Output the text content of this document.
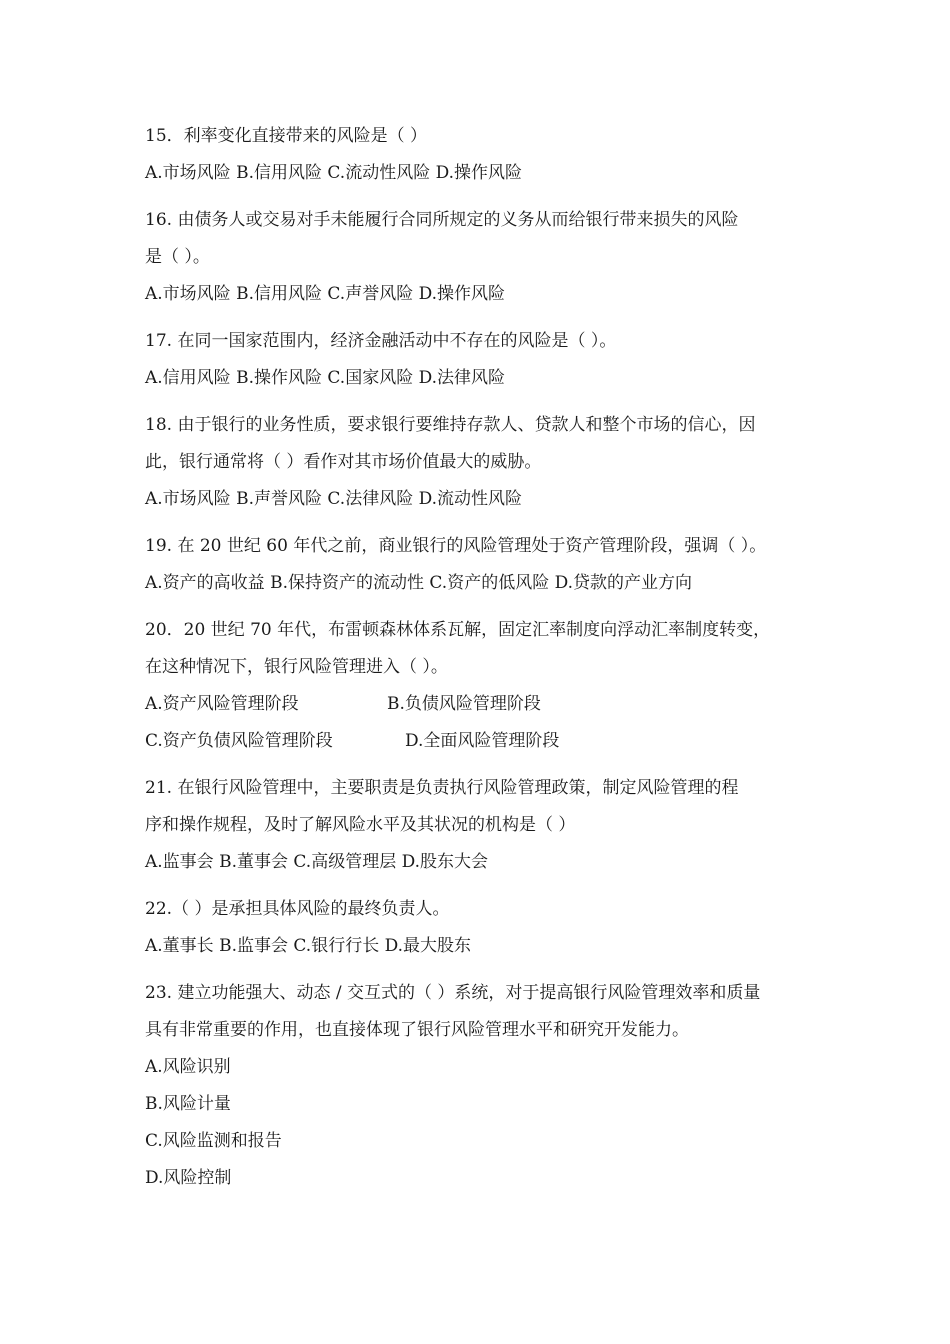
15．利率变化直接带来的风险是（ ）
A.市场风险 B.信用风险 C.流动性风险 D.操作风险
16. 由债务人或交易对手未能履行合同所规定的义务从而给银行带来损失的风险
是（ ）。
A.市场风险 B.信用风险 C.声誉风险 D.操作风险
17. 在同一国家范围内，经济金融活动中不存在的风险是（ ）。
A.信用风险 B.操作风险 C.国家风险 D.法律风险
18. 由于银行的业务性质，要求银行要维持存款人、贷款人和整个市场的信心，因
此，银行通常将（ ）看作对其市场价值最大的威胁。
A.市场风险 B.声誉风险 C.法律风险 D.流动性风险
19. 在 20 世纪 60 年代之前，商业银行的风险管理处于资产管理阶段，强调（ ）。
A.资产的高收益 B.保持资产的流动性 C.资产的低风险 D.贷款的产业方向
20．20 世纪 70 年代，布雷顿森林体系瓦解，固定汇率制度向浮动汇率制度转变，
在这种情况下，银行风险管理进入（ ）。
A.资产风险管理阶段	B.负债风险管理阶段
C.资产负债风险管理阶段	D.全面风险管理阶段
21. 在银行风险管理中，主要职责是负责执行风险管理政策，制定风险管理的程
序和操作规程，及时了解风险水平及其状况的机构是（ ）
A.监事会 B.董事会 C.高级管理层 D.股东大会
22.（ ）是承担具体风险的最终负责人。
A.董事长 B.监事会 C.银行行长 D.最大股东
23. 建立功能强大、动态 / 交互式的（ ）系统，对于提高银行风险管理效率和质量
具有非常重要的作用，也直接体现了银行风险管理水平和研究开发能力。
A.风险识别
B.风险计量
C.风险监测和报告
D.风险控制
